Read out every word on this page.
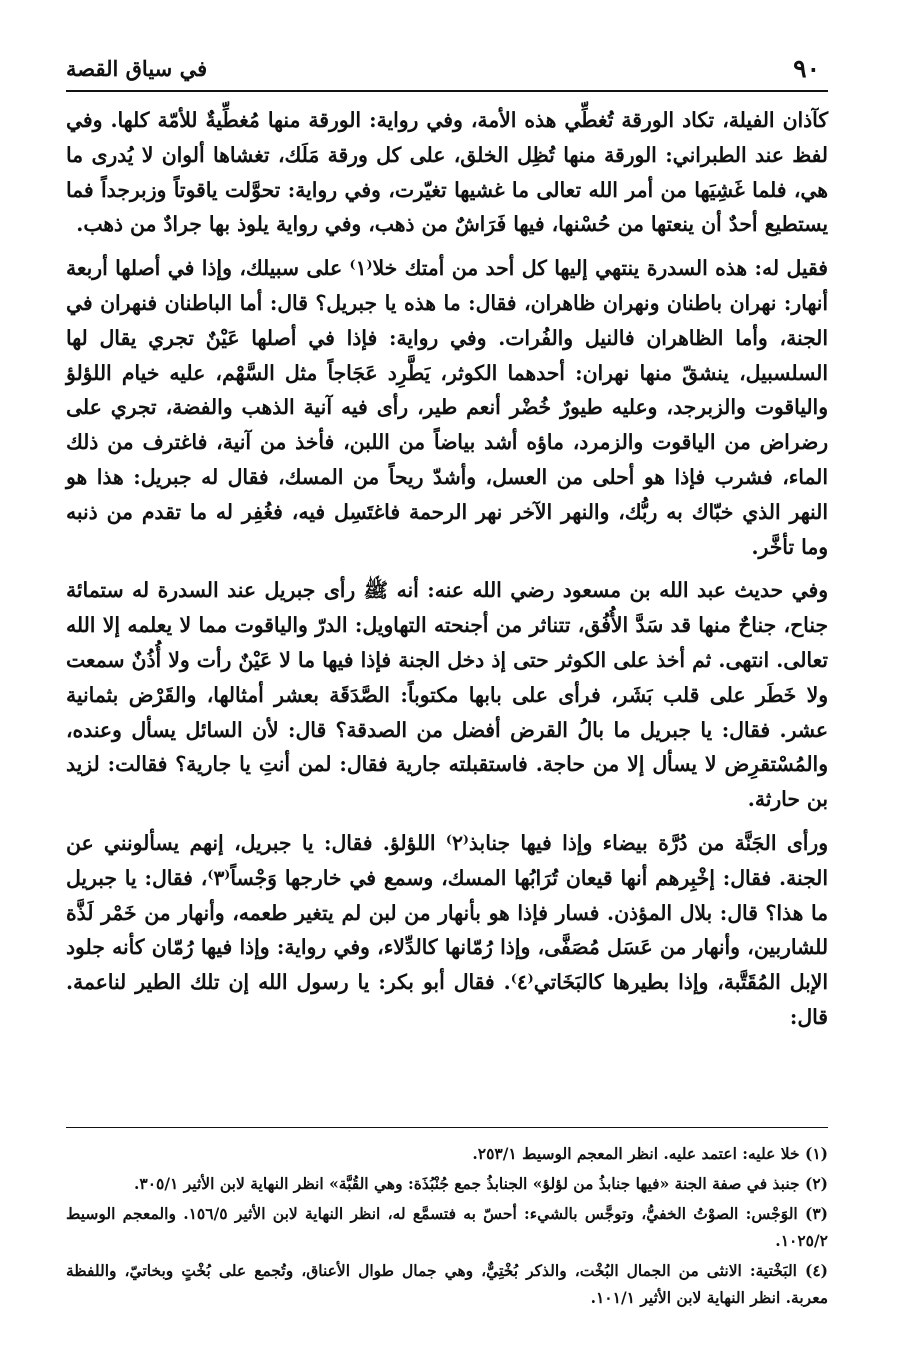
٩٠
في سياق القصة

كآذان الفيلة، تكاد الورقة تُغطِّي هذه الأمة، وفي رواية: الورقة منها مُغطِّيةٌ للأمّة كلها. وفي لفظ عند الطبراني: الورقة منها تُظِل الخلق، على كل ورقة مَلَك، تغشاها ألوان لا يُدرى ما هي، فلما غَشِيَها من أمر الله تعالى ما غشيها تغيّرت، وفي رواية: تحوَّلت ياقوتاً وزبرجداً فما يستطيع أحدٌ أن ينعتها من حُسْنها، فيها فَرَاشٌ من ذهب، وفي رواية يلوذ بها جرادٌ من ذهب.

فقيل له: هذه السدرة ينتهي إليها كل أحد من أمتك خلا⁽١⁾ على سبيلك، وإذا في أصلها أربعة أنهار: نهران باطنان ونهران ظاهران، فقال: ما هذه يا جبريل؟ قال: أما الباطنان فنهران في الجنة، وأما الظاهران فالنيل والفُرات. وفي رواية: فإذا في أصلها عَيْنٌ تجري يقال لها السلسبيل، ينشقّ منها نهران: أحدهما الكوثر، يَطَّرِد عَجَاجاً مثل السَّهْم، عليه خيام اللؤلؤ والياقوت والزبرجد، وعليه طيورٌ خُضْر أنعم طير، رأى فيه آنية الذهب والفضة، تجري على رضراض من الياقوت والزمرد، ماؤه أشد بياضاً من اللبن، فأخذ من آنية، فاغترف من ذلك الماء، فشرب فإذا هو أحلى من العسل، وأشدّ ريحاً من المسك، فقال له جبريل: هذا هو النهر الذي خبّاك به ربُّك، والنهر الآخر نهر الرحمة فاغتَسِل فيه، فغُفِر له ما تقدم من ذنبه وما تأخَّر.

وفي حديث عبد الله بن مسعود رضي الله عنه: أنه ﷺ رأى جبريل عند السدرة له ستمائة جناح، جناحٌ منها قد سَدَّ الأُفُق، تتناثر من أجنحته التهاويل: الدرّ والياقوت مما لا يعلمه إلا الله تعالى. انتهى. ثم أخذ على الكوثر حتى إذ دخل الجنة فإذا فيها ما لا عَيْنٌ رأت ولا أُذُنٌ سمعت ولا خَطَر على قلب بَشَر، فرأى على بابها مكتوباً: الصَّدَقَة بعشر أمثالها، والقَرْض بثمانية عشر. فقال: يا جبريل ما بالُ القرض أفضل من الصدقة؟ قال: لأن السائل يسأل وعنده، والمُسْتقرِض لا يسأل إلا من حاجة. فاستقبلته جارية فقال: لمن أنتِ يا جارية؟ فقالت: لزيد بن حارثة.

ورأى الجَنَّة من دُرَّة بيضاء وإذا فيها جنابذ⁽٢⁾ اللؤلؤ. فقال: يا جبريل، إنهم يسألونني عن الجنة. فقال: إخْبِرهم أنها قيعان تُرَابُها المسك، وسمع في خارجها وَجْساً⁽٣⁾، فقال: يا جبريل ما هذا؟ قال: بلال المؤذن. فسار فإذا هو بأنهار من لبن لم يتغير طعمه، وأنهار من خَمْر لَذَّة للشاربين، وأنهار من عَسَل مُصَفَّى، وإذا رُمّانها كالدِّلاء، وفي رواية: وإذا فيها رُمّان كأنه جلود الإبل المُقَتَّبة، وإذا بطيرها كالبَخَاتي⁽٤⁾. فقال أبو بكر: يا رسول الله إن تلك الطير لناعمة. قال:

(١) خلا عليه: اعتمد عليه. انظر المعجم الوسيط ٢٥٣/١.

(٢) جنبذ في صفة الجنة «فيها جنابذُ من لؤلؤ» الجنابذُ جمع جُنْبُذَة: وهي القُبَّة» انظر النهاية لابن الأثير ٣٠٥/١.

(٣) الوَجْس: الصوْتُ الخفيُّ، وتوجَّس بالشيء: أحسّ به فتسمَّع له، انظر النهاية لابن الأثير ١٥٦/٥. والمعجم الوسيط ١٠٢٥/٢.

(٤) البَخْتية: الانثى من الجمال البُخْت، والذكر بُخْتِيٌّ، وهي جمال طوال الأعناق، وتُجمع على بُخْتٍ وبخاتيّ، واللفظة معربة. انظر النهاية لابن الأثير ١٠١/١.
